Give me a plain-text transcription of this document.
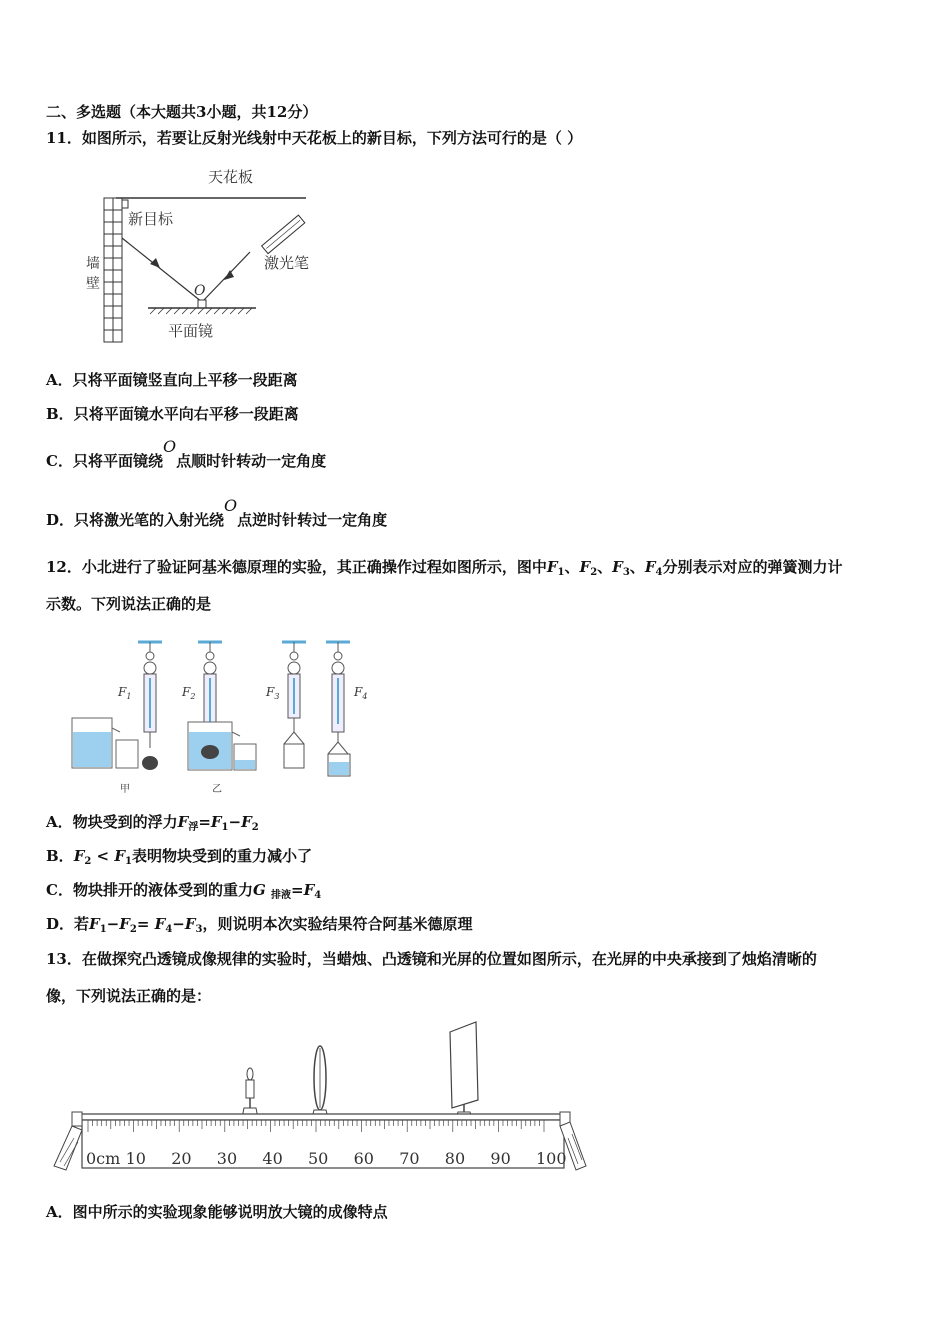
二、多选题（本大题共3小题，共12分）
11．如图所示，若要让反射光线射中天花板上的新目标，下列方法可行的是（ ）
天花板
墙
壁
新目标
激光笔
O
平面镜
A．只将平面镜竖直向上平移一段距离
B．只将平面镜水平向右平移一段距离
C．只将平面镜绕O点顺时针转动一定角度
D．只将激光笔的入射光绕O点逆时针转过一定角度
12．小北进行了验证阿基米德原理的实验，其正确操作过程如图所示，图中$F_1$、$F_2$、$F_3$、$F_4$分别表示对应的弹簧测力计
示数。下列说法正确的是
$F_1$
甲
$F_2$
乙
$F_3$	$F_4$
A．物块受到的浮力$F_浮=F_1-F_2$
B．$F_2 < F_1$表明物块受到的重力减小了
C．物块排开的液体受到的重力G $_{排液}=F_4$
D．若$F_1-F_2= F_4-F_3$，则说明本次实验结果符合阿基米德原理
13．在做探究凸透镜成像规律的实验时，当蜡烛、凸透镜和光屏的位置如图所示，在光屏的中央承接到了烛焰清晰的
像，下列说法正确的是：
0cm 10 20 30 40 50 60 70 80 90 100
A．图中所示的实验现象能够说明放大镜的成像特点
